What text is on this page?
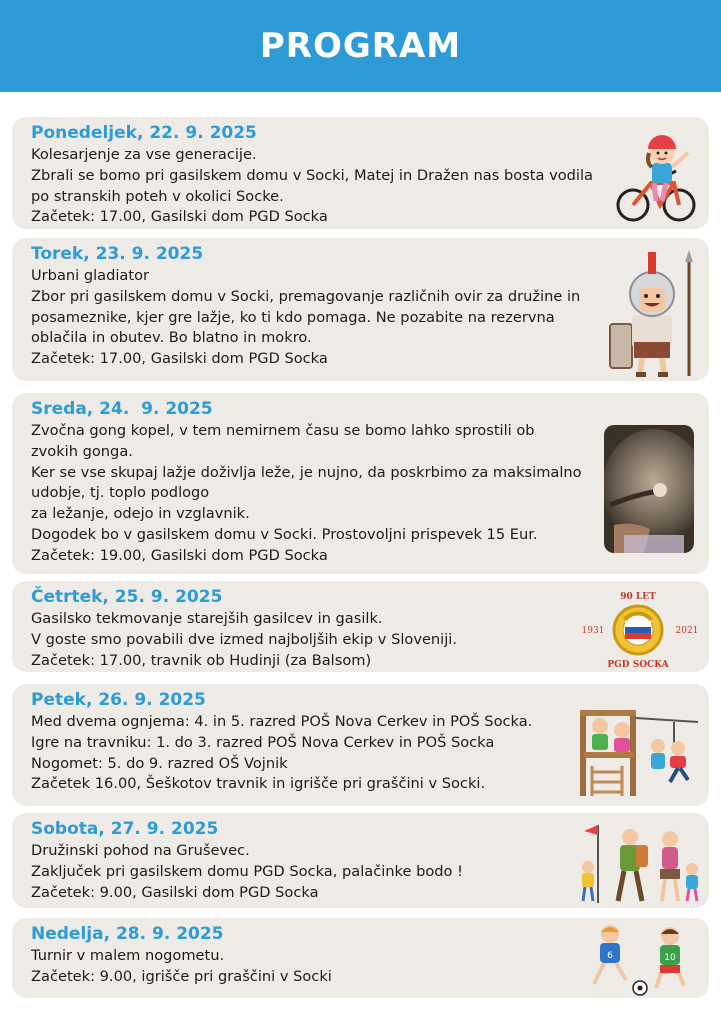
PROGRAM
Ponedeljek, 22. 9. 2025
Kolesarjenje za vse generacije.
Zbrali se bomo pri gasilskem domu v Socki, Matej in Dražen nas bosta vodila
po stranskih poteh v okolici Socke.
Začetek: 17.00, Gasilski dom PGD Socka
Torek, 23. 9. 2025
Urbani gladiator
Zbor pri gasilskem domu v Socki, premagovanje različnih ovir za družine in
posameznike, kjer gre lažje, ko ti kdo pomaga. Ne pozabite na rezervna
oblačila in obutev. Bo blatno in mokro.
Začetek: 17.00, Gasilski dom PGD Socka
Sreda, 24.  9. 2025
Zvočna gong kopel, v tem nemirnem času se bomo lahko sprostili ob
zvokih gonga.
Ker se vse skupaj lažje doživlja leže, je nujno, da poskrbimo za maksimalno
udobje, tj. toplo podlogo
za ležanje, odejo in vzglavnik.
Dogodek bo v gasilskem domu v Socki. Prostovoljni prispevek 15 Eur.
Začetek: 19.00, Gasilski dom PGD Socka
Četrtek, 25. 9. 2025
Gasilsko tekmovanje starejših gasilcev in gasilk.
V goste smo povabili dve izmed najboljših ekip v Sloveniji.
Začetek: 17.00, travnik ob Hudinji (za Balsom)
90 LET
1931	2021
PGD SOCKA
Petek, 26. 9. 2025
Med dvema ognjema: 4. in 5. razred POŠ Nova Cerkev in POŠ Socka.
Igre na travniku: 1. do 3. razred POŠ Nova Cerkev in POŠ Socka
Nogomet: 5. do 9. razred OŠ Vojnik
Začetek 16.00, Šeškotov travnik in igrišče pri graščini v Socki.
Sobota, 27. 9. 2025
Družinski pohod na Gruševec.
Zaključek pri gasilskem domu PGD Socka, palačinke bodo !
Začetek: 9.00, Gasilski dom PGD Socka
Nedelja, 28. 9. 2025
Turnir v malem nogometu.
Začetek: 9.00, igrišče pri graščini v Socki
6	10
